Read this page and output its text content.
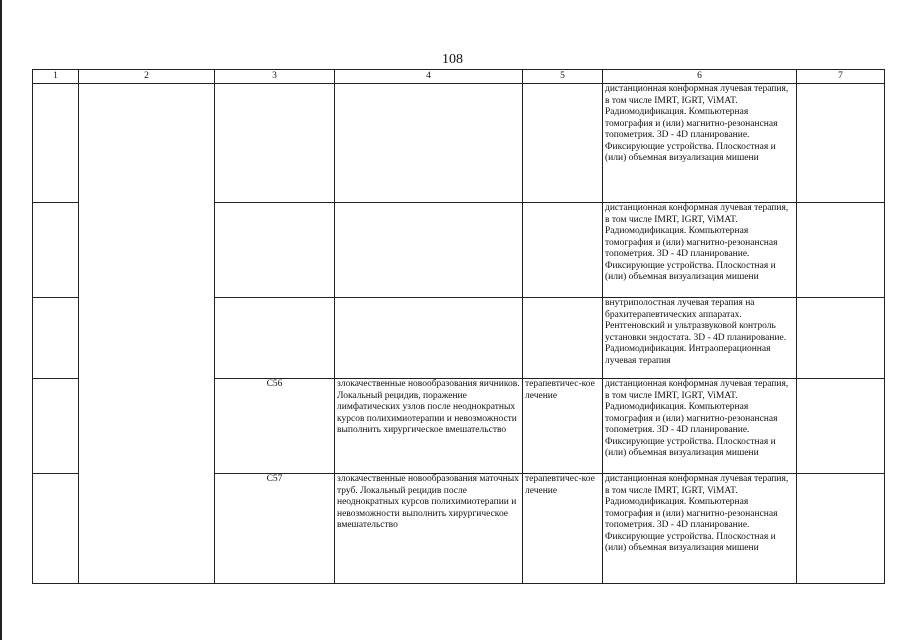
108
1	2	3	4	5	6	7
					дистанционная конформная лучевая терапия, в том числе IMRT, IGRT, ViMAT. Радиомодификация. Компьютерная томография и (или) магнитно-резонансная топометрия. 3D - 4D планирование. Фиксирующие устройства. Плоскостная и (или) объемная визуализация мишени	
					дистанционная конформная лучевая терапия, в том числе IMRT, IGRT, ViMAT. Радиомодификация. Компьютерная томография и (или) магнитно-резонансная топометрия. 3D - 4D планирование. Фиксирующие устройства. Плоскостная и (или) объемная визуализация мишени	
					внутриполостная лучевая терапия на брахитерапевтических аппаратах. Рентгеновский и ультразвуковой контроль установки эндостата. 3D - 4D планирование. Радиомодификация. Интраоперационная лучевая терапия	
		C56	злокачественные новообразования яичников. Локальный рецидив, поражение лимфатических узлов после неоднократных курсов полихимиотерапии и невозможности выполнить хирургическое вмешательство	терапевтичес-кое лечение	дистанционная конформная лучевая терапия, в том числе IMRT, IGRT, ViMAT. Радиомодификация. Компьютерная томография и (или) магнитно-резонансная топометрия. 3D - 4D планирование. Фиксирующие устройства. Плоскостная и (или) объемная визуализация мишени	
		C57	злокачественные новообразования маточных труб. Локальный рецидив после неоднократных курсов полихимиотерапии и невозможности выполнить хирургическое вмешательство	терапевтичес-кое лечение	дистанционная конформная лучевая терапия, в том числе IMRT, IGRT, ViMAT. Радиомодификация. Компьютерная томография и (или) магнитно-резонансная топометрия. 3D - 4D планирование. Фиксирующие устройства. Плоскостная и (или) объемная визуализация мишени	
